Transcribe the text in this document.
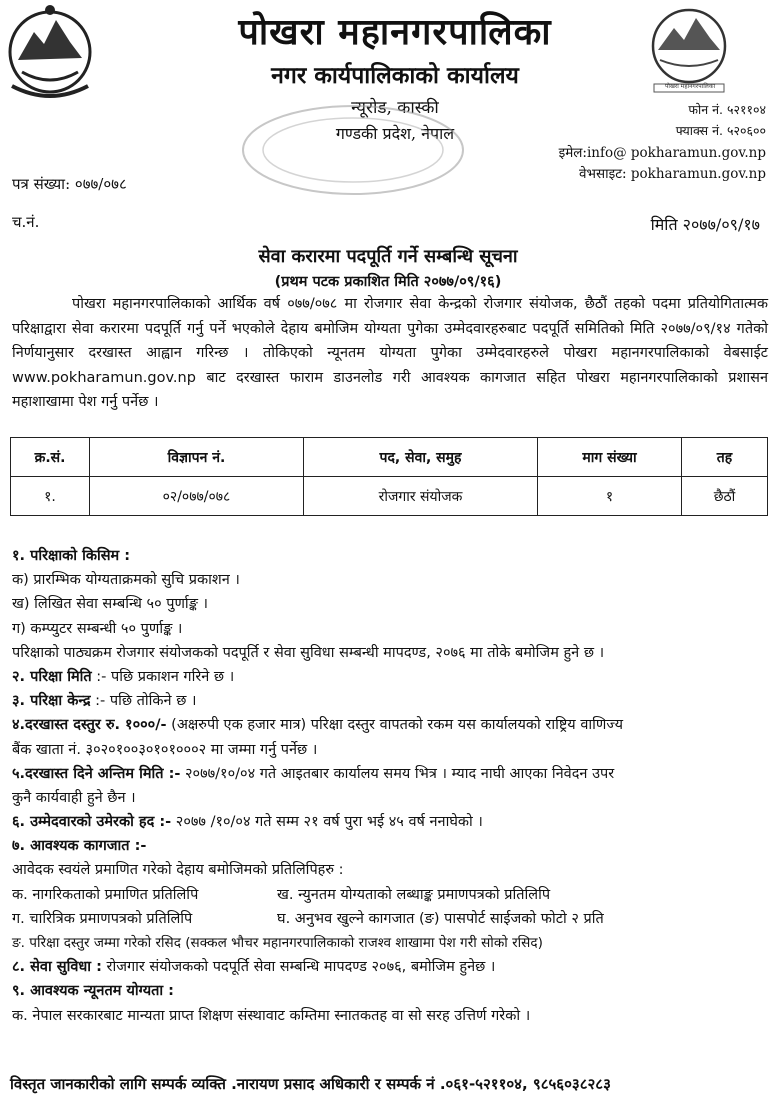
पोखरा महानगरपालिका
नगर कार्यपालिकाको कार्यालय
न्यूरोड, कास्की
गण्डकी प्रदेश, नेपाल
पोखरा महानगरपालिका
फोन नं. ५२११०४
फ्याक्स नं. ५२०६००
इमेल:info@ pokharamun.gov.np
वेभसाइट: pokharamun.gov.np
पत्र संख्या: ०७७/०७८
च.नं.	मिति २०७७/०९/१७
सेवा करारमा पदपूर्ति गर्ने सम्बन्धि सूचना
(प्रथम पटक प्रकाशित मिति २०७७/०९/१६)
पोखरा महानगरपालिकाको आर्थिक वर्ष ०७७/०७८ मा रोजगार सेवा केन्द्रको रोजगार संयोजक, छैठौं तहको पदमा प्रतियोगितात्मक परिक्षाद्वारा सेवा करारमा पदपूर्ति गर्नु पर्ने भएकोले देहाय बमोजिम योग्यता पुगेका उम्मेदवारहरुबाट पदपूर्ति समितिको मिति २०७७/०९/१४ गतेको निर्णयानुसार दरखास्त आह्वान गरिन्छ । तोकिएको न्यूनतम योग्यता पुगेका उम्मेदवारहरुले पोखरा महानगरपालिकाको वेबसाईट www.pokharamun.gov.np बाट दरखास्त फाराम डाउनलोड गरी आवश्यक कागजात सहित पोखरा महानगरपालिकाको प्रशासन महाशाखामा पेश गर्नु पर्नेछ ।
क्र.सं.	विज्ञापन नं.	पद, सेवा, समुह	माग संख्या	तह
१.	०२/०७७/०७८	रोजगार संयोजक	१	छैठौं
१. परिक्षाको किसिम :
क) प्रारम्भिक योग्यताक्रमको सुचि प्रकाशन ।
ख) लिखित सेवा सम्बन्धि ५० पुर्णाङ्क ।
ग) कम्प्युटर सम्बन्धी ५० पुर्णाङ्क ।
परिक्षाको पाठ्यक्रम रोजगार संयोजकको पदपूर्ति र सेवा सुविधा सम्बन्धी मापदण्ड, २०७६ मा तोके बमोजिम हुने छ ।
२. परिक्षा मिति :- पछि प्रकाशन गरिने छ ।
३. परिक्षा केन्द्र :- पछि तोकिने छ ।
४.दरखास्त दस्तुर रु. १०००/- (अक्षरुपी एक हजार मात्र) परिक्षा दस्तुर वापतको रकम यस कार्यालयको राष्ट्रिय वाणिज्य
बैंक खाता नं. ३०२०१००३०१०१०००२ मा जम्मा गर्नु पर्नेछ ।
५.दरखास्त दिने अन्तिम मिति :- २०७७/१०/०४ गते आइतबार कार्यालय समय भित्र । म्याद नाघी आएका निवेदन उपर
कुनै कार्यवाही हुने छैन ।
६. उम्मेदवारको उमेरको हद :- २०७७ /१०/०४ गते सम्म २१ वर्ष पुरा भई ४५ वर्ष ननाघेको ।
७. आवश्यक कागजात :-
आवेदक स्वयंले प्रमाणित गरेको देहाय बमोजिमको प्रतिलिपिहरु :
क. नागरिकताको प्रमाणित प्रतिलिपि	ख. न्युनतम योग्यताको लब्धाङ्क प्रमाणपत्रको प्रतिलिपि
ग. चारित्रिक प्रमाणपत्रको प्रतिलिपि	घ. अनुभव खुल्ने कागजात (ङ) पासपोर्ट साईजको फोटो २ प्रति
ङ. परिक्षा दस्तुर जम्मा गरेको रसिद (सक्कल भौचर महानगरपालिकाको राजश्व शाखामा पेश गरी सोको रसिद)
८. सेवा सुविधा : रोजगार संयोजकको पदपूर्ति सेवा सम्बन्धि मापदण्ड २०७६, बमोजिम हुनेछ ।
९. आवश्यक न्यूनतम योग्यता :
क. नेपाल सरकारबाट मान्यता प्राप्त शिक्षण संस्थावाट कम्तिमा स्नातकतह वा सो सरह उत्तिर्ण गरेको ।
विस्तृत जानकारीको लागि सम्पर्क व्यक्ति .नारायण प्रसाद अधिकारी र सम्पर्क नं .०६१-५२११०४, ९८५६०३८२८३
